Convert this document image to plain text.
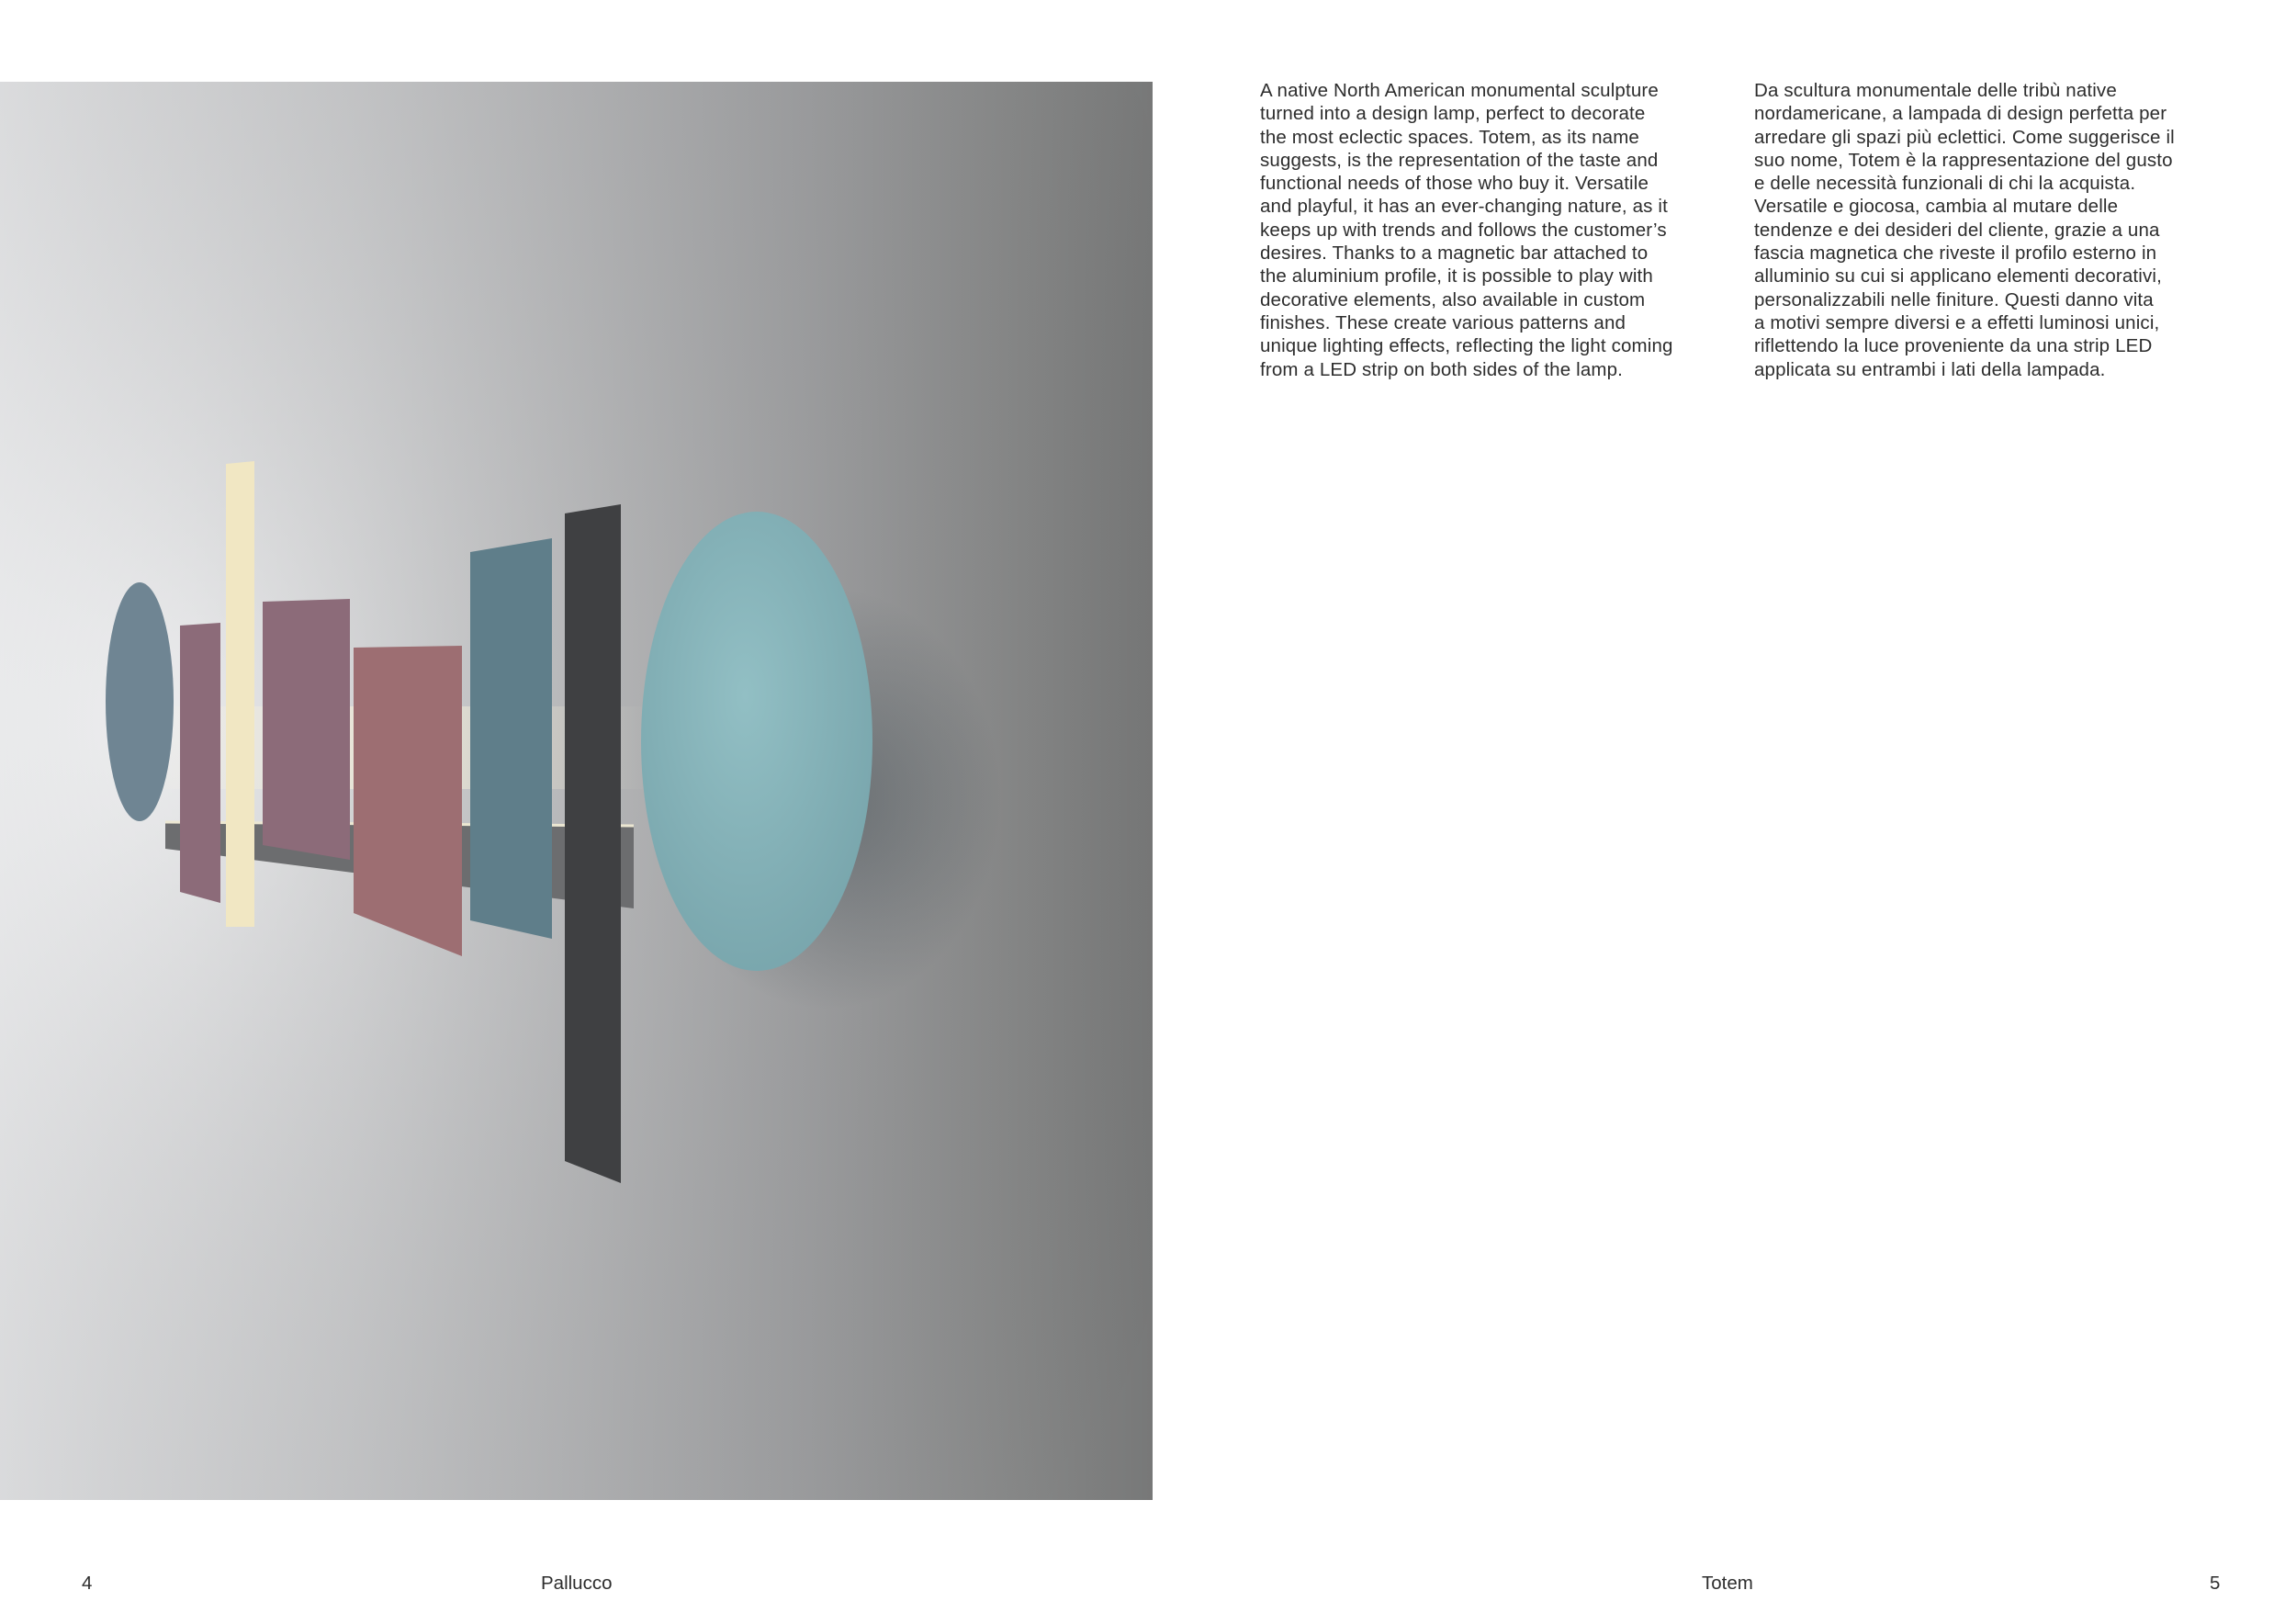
A native North American monumental sculpture
turned into a design lamp, perfect to decorate
the most eclectic spaces. Totem, as its name
suggests, is the representation of the taste and
functional needs of those who buy it. Versatile
and playful, it has an ever-changing nature, as it
keeps up with trends and follows the customer’s
desires. Thanks to a magnetic bar attached to
the aluminium profile, it is possible to play with
decorative elements, also available in custom
finishes. These create various patterns and
unique lighting effects, reflecting the light coming
from a LED strip on both sides of the lamp.
Da scultura monumentale delle tribù native
nordamericane, a lampada di design perfetta per
arredare gli spazi più eclettici. Come suggerisce il
suo nome, Totem è la rappresentazione del gusto
e delle necessità funzionali di chi la acquista.
Versatile e giocosa, cambia al mutare delle
tendenze e dei desideri del cliente, grazie a una
fascia magnetica che riveste il profilo esterno in
alluminio su cui si applicano elementi decorativi,
personalizzabili nelle finiture. Questi danno vita
a motivi sempre diversi e a effetti luminosi unici,
riflettendo la luce proveniente da una strip LED
applicata su entrambi i lati della lampada.
4	Pallucco	Totem	5
